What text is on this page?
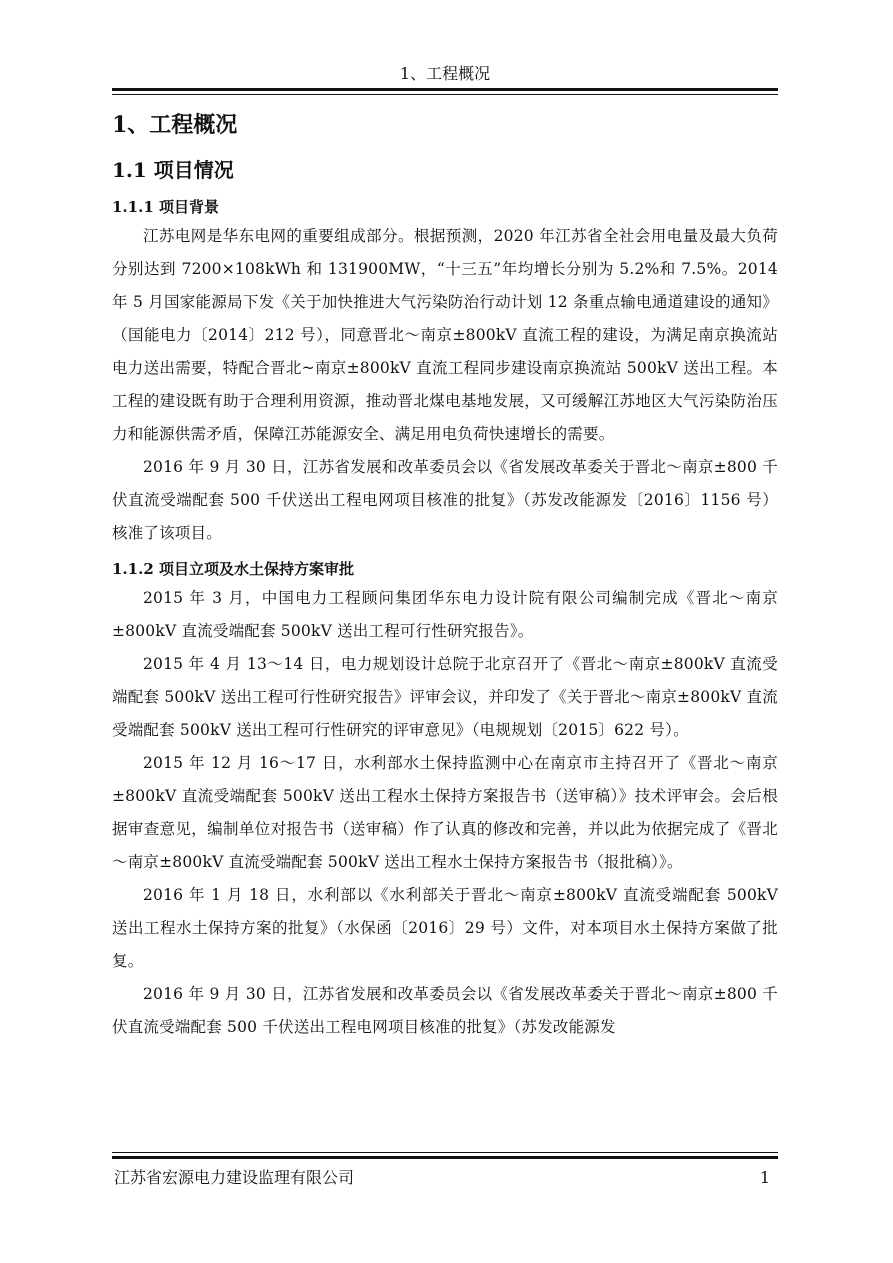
1、工程概况
1、工程概况
1.1 项目情况
1.1.1 项目背景

江苏电网是华东电网的重要组成部分。根据预测，2020 年江苏省全社会用电量及最大负荷分别达到 7200×108kWh 和 131900MW，“十三五”年均增长分别为 5.2%和 7.5%。2014 年 5 月国家能源局下发《关于加快推进大气污染防治行动计划 12 条重点输电通道建设的通知》（国能电力〔2014〕212 号），同意晋北～南京±800kV 直流工程的建设，为满足南京换流站电力送出需要，特配合晋北~南京±800kV 直流工程同步建设南京换流站 500kV 送出工程。本工程的建设既有助于合理利用资源，推动晋北煤电基地发展，又可缓解江苏地区大气污染防治压力和能源供需矛盾，保障江苏能源安全、满足用电负荷快速增长的需要。

2016 年 9 月 30 日，江苏省发展和改革委员会以《省发展改革委关于晋北～南京±800 千伏直流受端配套 500 千伏送出工程电网项目核准的批复》（苏发改能源发〔2016〕1156 号）核准了该项目。

1.1.2 项目立项及水土保持方案审批

2015 年 3 月，中国电力工程顾问集团华东电力设计院有限公司编制完成《晋北～南京±800kV 直流受端配套 500kV 送出工程可行性研究报告》。

2015 年 4 月 13～14 日，电力规划设计总院于北京召开了《晋北～南京±800kV 直流受端配套 500kV 送出工程可行性研究报告》评审会议，并印发了《关于晋北～南京±800kV 直流受端配套 500kV 送出工程可行性研究的评审意见》（电规规划〔2015〕622 号）。

2015 年 12 月 16～17 日，水利部水土保持监测中心在南京市主持召开了《晋北～南京±800kV 直流受端配套 500kV 送出工程水土保持方案报告书（送审稿）》技术评审会。会后根据审查意见，编制单位对报告书（送审稿）作了认真的修改和完善，并以此为依据完成了《晋北～南京±800kV 直流受端配套 500kV 送出工程水土保持方案报告书（报批稿）》。

2016 年 1 月 18 日，水利部以《水利部关于晋北～南京±800kV 直流受端配套 500kV 送出工程水土保持方案的批复》（水保函〔2016〕29 号）文件，对本项目水土保持方案做了批复。

2016 年 9 月 30 日，江苏省发展和改革委员会以《省发展改革委关于晋北～南京±800 千伏直流受端配套 500 千伏送出工程电网项目核准的批复》（苏发改能源发

江苏省宏源电力建设监理有限公司	1
